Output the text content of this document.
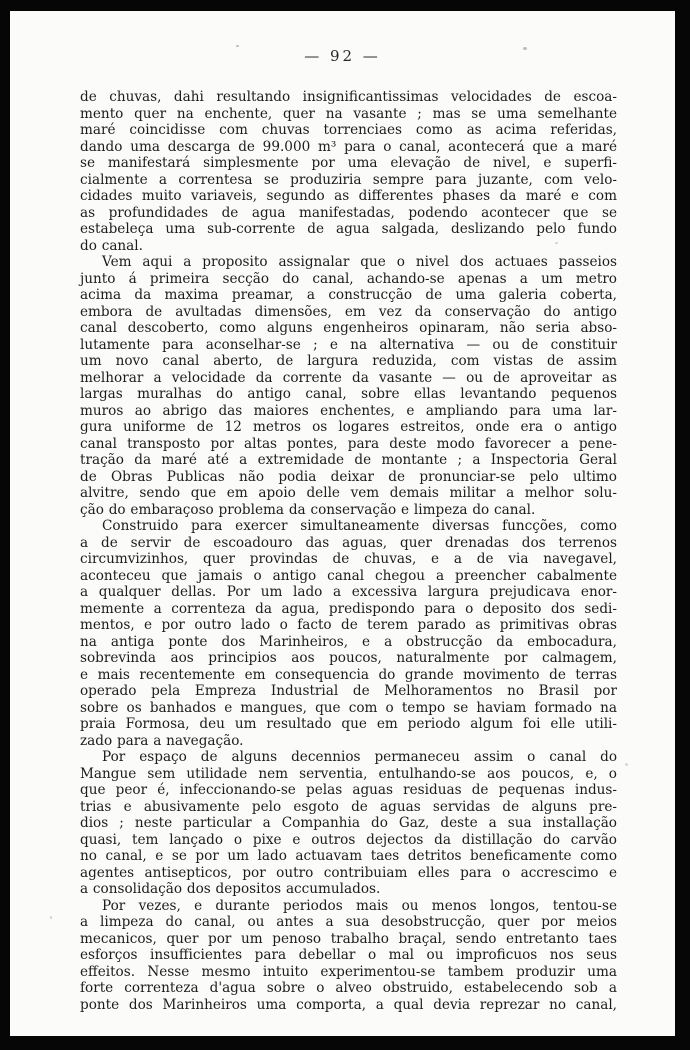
— 92 —
de chuvas, dahi resultando insignificantissimas velocidades de escoa-
mento quer na enchente, quer na vasante ; mas se uma semelhante
maré coincidisse com chuvas torrenciaes como as acima referidas,
dando uma descarga de 99.000 m³ para o canal, acontecerá que a maré
se manifestará simplesmente por uma elevação de nivel, e superfi-
cialmente a correntesa se produziria sempre para juzante, com velo-
cidades muito variaveis, segundo as differentes phases da maré e com
as profundidades de agua manifestadas, podendo acontecer que se
estabeleça uma sub-corrente de agua salgada, deslizando pelo fundo
do canal.
Vem aqui a proposito assignalar que o nivel dos actuaes passeios
junto á primeira secção do canal, achando-se apenas a um metro
acima da maxima preamar, a construcção de uma galeria coberta,
embora de avultadas dimensões, em vez da conservação do antigo
canal descoberto, como alguns engenheiros opinaram, não seria abso-
lutamente para aconselhar-se ; e na alternativa — ou de constituir
um novo canal aberto, de largura reduzida, com vistas de assim
melhorar a velocidade da corrente da vasante — ou de aproveitar as
largas muralhas do antigo canal, sobre ellas levantando pequenos
muros ao abrigo das maiores enchentes, e ampliando para uma lar-
gura uniforme de 12 metros os logares estreitos, onde era o antigo
canal transposto por altas pontes, para deste modo favorecer a pene-
tração da maré até a extremidade de montante ; a Inspectoria Geral
de Obras Publicas não podia deixar de pronunciar-se pelo ultimo
alvitre, sendo que em apoio delle vem demais militar a melhor solu-
ção do embaraçoso problema da conservação e limpeza do canal.
Construido para exercer simultaneamente diversas funcções, como
a de servir de escoadouro das aguas, quer drenadas dos terrenos
circumvizinhos, quer provindas de chuvas, e a de via navegavel,
aconteceu que jamais o antigo canal chegou a preencher cabalmente
a qualquer dellas. Por um lado a excessiva largura prejudicava enor-
memente a correnteza da agua, predispondo para o deposito dos sedi-
mentos, e por outro lado o facto de terem parado as primitivas obras
na antiga ponte dos Marinheiros, e a obstrucção da embocadura,
sobrevinda aos principios aos poucos, naturalmente por calmagem,
e mais recentemente em consequencia do grande movimento de terras
operado pela Empreza Industrial de Melhoramentos no Brasil por
sobre os banhados e mangues, que com o tempo se haviam formado na
praia Formosa, deu um resultado que em periodo algum foi elle utili-
zado para a navegação.
Por espaço de alguns decennios permaneceu assim o canal do
Mangue sem utilidade nem serventia, entulhando-se aos poucos, e, o
que peor é, infeccionando-se pelas aguas residuas de pequenas indus-
trias e abusivamente pelo esgoto de aguas servidas de alguns pre-
dios ; neste particular a Companhia do Gaz, deste a sua installação
quasi, tem lançado o pixe e outros dejectos da distillação do carvão
no canal, e se por um lado actuavam taes detritos beneficamente como
agentes antisepticos, por outro contribuiam elles para o accrescimo e
a consolidação dos depositos accumulados.
Por vezes, e durante periodos mais ou menos longos, tentou-se
a limpeza do canal, ou antes a sua desobstrucção, quer por meios
mecanicos, quer por um penoso trabalho braçal, sendo entretanto taes
esforços insufficientes para debellar o mal ou improficuos nos seus
effeitos. Nesse mesmo intuito experimentou-se tambem produzir uma
forte correnteza d'agua sobre o alveo obstruido, estabelecendo sob a
ponte dos Marinheiros uma comporta, a qual devia reprezar no canal,
